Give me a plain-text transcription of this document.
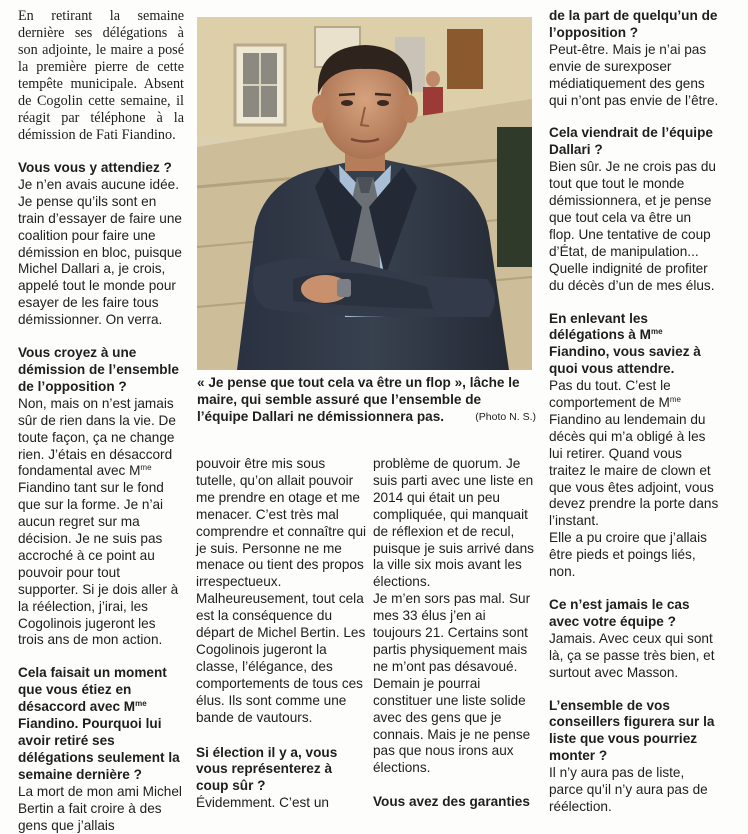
En retirant la semaine dernière ses délégations à son adjointe, le maire a posé la première pierre de cette tempête municipale. Absent de Cogolin cette semaine, il réagit par téléphone à la démission de Fati Fiandino.

Vous vous y attendiez ?

Je n’en avais aucune idée. Je pense qu’ils sont en train d’essayer de faire une coalition pour faire une démission en bloc, puisque Michel Dallari a, je crois, appelé tout le monde pour esayer de les faire tous démissionner. On verra.

Vous croyez à une démission de l’ensemble de l’opposition ?

Non, mais on n’est jamais sûr de rien dans la vie. De toute façon, ça ne change rien. J’étais en désaccord fondamental avec $M^{me}$ Fiandino tant sur le fond que sur la forme. Je n’ai aucun regret sur ma décision. Je ne suis pas accroché à ce point au pouvoir pour tout supporter. Si je dois aller à la réélection, j’irai, les Cogolinois jugeront les trois ans de mon action.

Cela faisait un moment que vous étiez en désaccord avec $M^{me}$ Fiandino. Pourquoi lui avoir retiré ses délégations seulement la semaine dernière ?

La mort de mon ami Michel Bertin a fait croire à des gens que j’allais

« Je pense que tout cela va être un flop », lâche le maire, qui semble assuré que l’ensemble de l’équipe Dallari ne démissionnera pas.	(Photo N. S.)

pouvoir être mis sous tutelle, qu’on allait pouvoir me prendre en otage et me menacer. C’est très mal comprendre et connaître qui je suis. Personne ne me menace ou tient des propos irrespectueux. Malheureusement, tout cela est la conséquence du départ de Michel Bertin. Les Cogolinois jugeront la classe, l’élégance, des comportements de tous ces élus. Ils sont comme une bande de vautours.

Si élection il y a, vous vous représenterez à coup sûr ?

Évidemment. C’est un

problème de quorum. Je suis parti avec une liste en 2014 qui était un peu compliquée, qui manquait de réflexion et de recul, puisque je suis arrivé dans la ville six mois avant les élections.

Je m’en sors pas mal. Sur mes 33 élus j’en ai toujours 21. Certains sont partis physiquement mais ne m’ont pas désavoué.

Demain je pourrai constituer une liste solide avec des gens que je connais. Mais je ne pense pas que nous irons aux élections.

Vous avez des garanties

de la part de quelqu’un de l’opposition ?

Peut-être. Mais je n’ai pas envie de surexposer médiatiquement des gens qui n’ont pas envie de l’être.

Cela viendrait de l’équipe Dallari ?

Bien sûr. Je ne crois pas du tout que tout le monde démissionnera, et je pense que tout cela va être un flop. Une tentative de coup d’État, de manipulation... Quelle indignité de profiter du décès d’un de mes élus.

En enlevant les délégations à $M^{me}$ Fiandino, vous saviez à quoi vous attendre.

Pas du tout. C’est le comportement de $M^{me}$ Fiandino au lendemain du décès qui m’a obligé à les lui retirer. Quand vous traitez le maire de clown et que vous êtes adjoint, vous devez prendre la porte dans l’instant.

Elle a pu croire que j’allais être pieds et poings liés, non.

Ce n’est jamais le cas avec votre équipe ?

Jamais. Avec ceux qui sont là, ça se passe très bien, et surtout avec Masson.

L’ensemble de vos conseillers figurera sur la liste que vous pourriez monter ?

Il n’y aura pas de liste, parce qu’il n’y aura pas de réélection.
